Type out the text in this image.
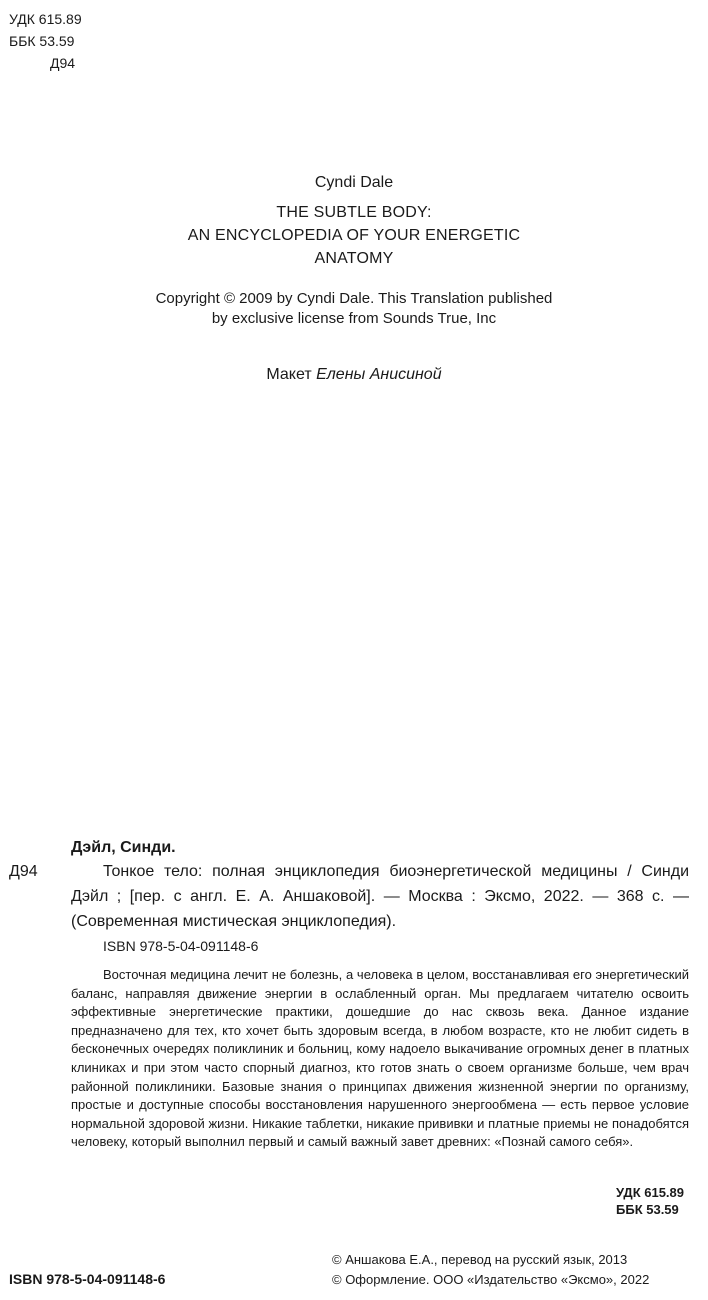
УДК 615.89
ББК 53.59
Д94
Cyndi Dale
THE SUBTLE BODY:
AN ENCYCLOPEDIA OF YOUR ENERGETIC
ANATOMY
Copyright © 2009 by Cyndi Dale. This Translation published
by exclusive license from Sounds True, Inc
Макет Елены Анисиной
Дэйл, Синди.
Д94	Тонкое тело: полная энциклопедия биоэнергетической медицины / Синди Дэйл ; [пер. с англ. Е. А. Аншаковой]. — Москва : Эксмо, 2022. — 368 с. — (Современная мистическая энциклопедия).
ISBN 978-5-04-091148-6

Восточная медицина лечит не болезнь, а человека в целом, восстанавливая его энергетический баланс, направляя движение энергии в ослабленный орган. Мы предлагаем читателю освоить эффективные энергетические практики, дошедшие до нас сквозь века. Данное издание предназначено для тех, кто хочет быть здоровым всегда, в любом возрасте, кто не любит сидеть в бесконечных очередях поликлиник и больниц, кому надоело выкачивание огромных денег в платных клиниках и при этом часто спорный диагноз, кто готов знать о своем организме больше, чем врач районной поликлиники. Базовые знания о принципах движения жизненной энергии по организму, простые и доступные способы восстановления нарушенного энергообмена — есть первое условие нормальной здоровой жизни. Никакие таблетки, никакие прививки и платные приемы не понадобятся человеку, который выполнил первый и самый важный завет древних: «Познай самого себя».

УДК 615.89
ББК 53.59
ISBN 978-5-04-091148-6
© Аншакова Е.А., перевод на русский язык, 2013
© Оформление. ООО «Издательство «Эксмо», 2022
